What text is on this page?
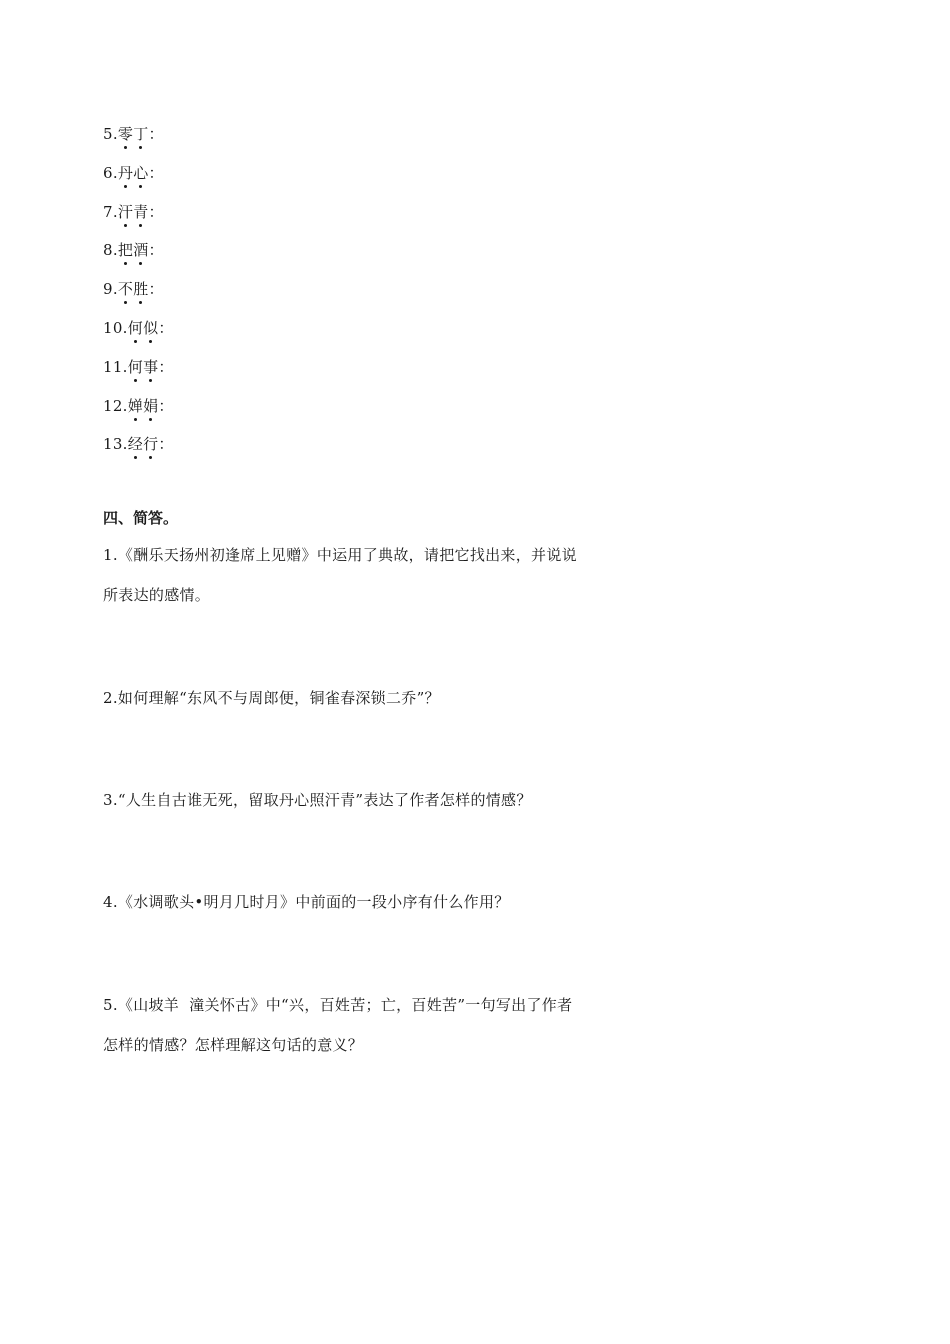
5.零丁：
6.丹心：
7.汗青：
8.把酒：
9.不胜：
10.何似：
11.何事：
12.婵娟：
13.经行：
四、简答。
1.《酬乐天扬州初逢席上见赠》中运用了典故，请把它找出来，并说说
所表达的感情。
2.如何理解“东风不与周郎便，铜雀春深锁二乔”？
3.“人生自古谁无死，留取丹心照汗青”表达了作者怎样的情感？
4.《水调歌头•明月几时月》中前面的一段小序有什么作用？
5.《山坡羊  潼关怀古》中“兴，百姓苦；亡，百姓苦”一句写出了作者
怎样的情感？怎样理解这句话的意义？
